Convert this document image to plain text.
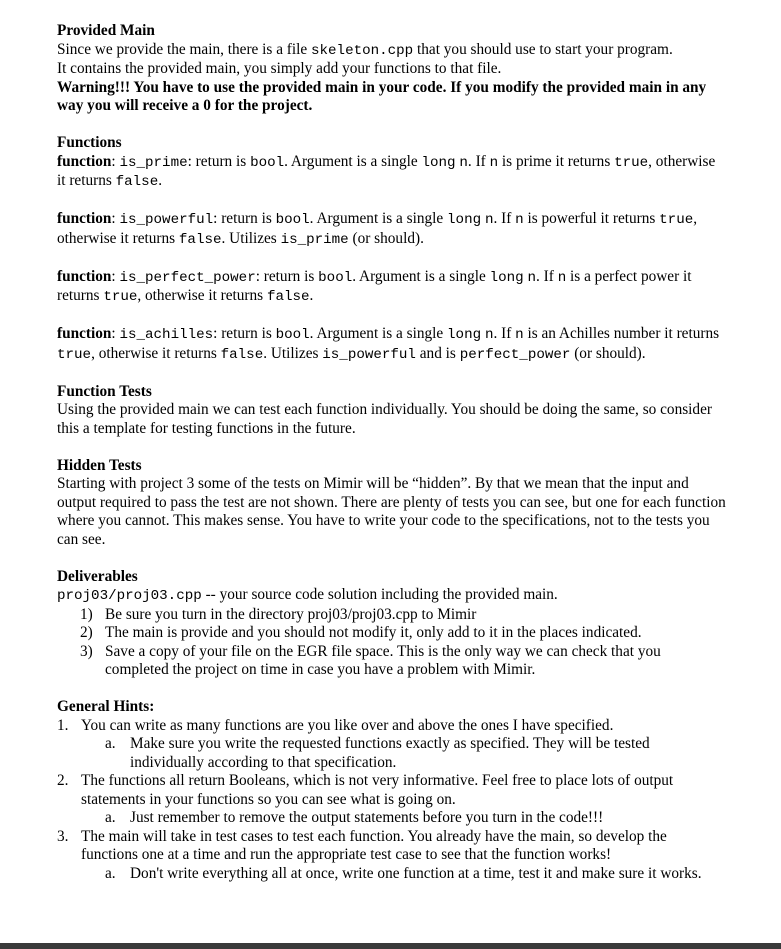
Provided Main

Since we provide the main, there is a file skeleton.cpp that you should use to start your program.

It contains the provided main, you simply add your functions to that file.

Warning!!! You have to use the provided main in your code. If you modify the provided main in any way you will receive a 0 for the project.

Functions

function: is_prime: return is bool. Argument is a single long n. If n is prime it returns true, otherwise it returns false.

function: is_powerful: return is bool. Argument is a single long n. If n is powerful it returns true, otherwise it returns false. Utilizes is_prime (or should).

function: is_perfect_power: return is bool. Argument is a single long n. If n is a perfect power it returns true, otherwise it returns false.

function: is_achilles: return is bool. Argument is a single long n. If n is an Achilles number it returns true, otherwise it returns false. Utilizes is_powerful and is perfect_power (or should).

Function Tests

Using the provided main we can test each function individually. You should be doing the same, so consider this a template for testing functions in the future.

Hidden Tests

Starting with project 3 some of the tests on Mimir will be “hidden”. By that we mean that the input and output required to pass the test are not shown. There are plenty of tests you can see, but one for each function where you cannot. This makes sense. You have to write your code to the specifications, not to the tests you can see.

Deliverables

proj03/proj03.cpp -- your source code solution including the provided main.

1) Be sure you turn in the directory proj03/proj03.cpp to Mimir
2) The main is provide and you should not modify it, only add to it in the places indicated.
3) Save a copy of your file on the EGR file space. This is the only way we can check that you completed the project on time in case you have a problem with Mimir.
General Hints:
1. You can write as many functions are you like over and above the ones I have specified.
a. Make sure you write the requested functions exactly as specified. They will be tested individually according to that specification.
2. The functions all return Booleans, which is not very informative. Feel free to place lots of output statements in your functions so you can see what is going on.
a. Just remember to remove the output statements before you turn in the code!!!
3. The main will take in test cases to test each function. You already have the main, so develop the functions one at a time and run the appropriate test case to see that the function works!
a. Don't write everything all at once, write one function at a time, test it and make sure it works.
